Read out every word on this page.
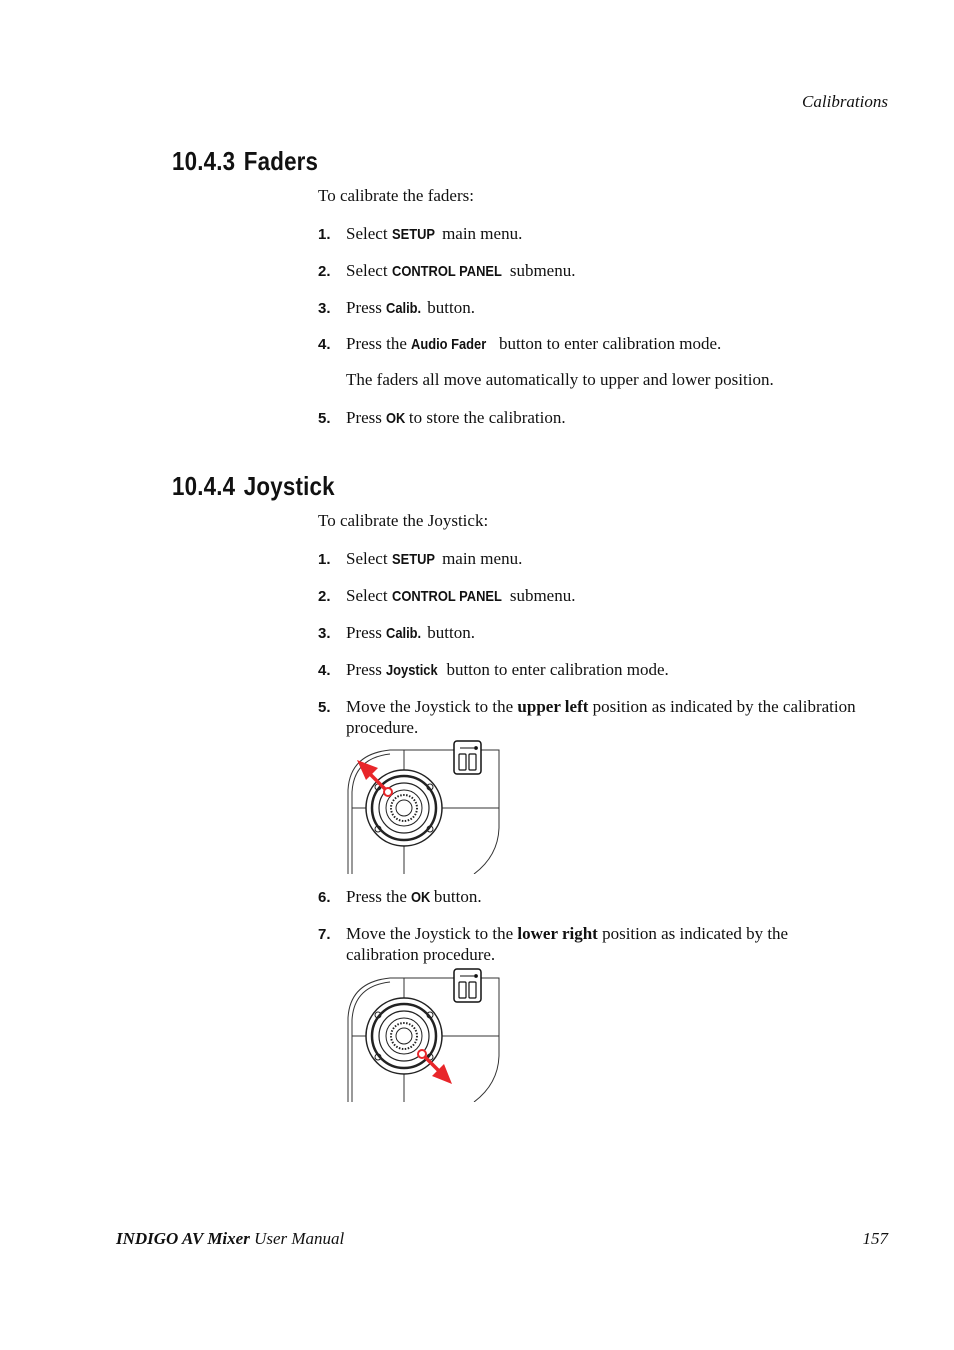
Calibrations
10.4.3 Faders
To calibrate the faders:
1. Select SETUP main menu.
2. Select CONTROL PANEL submenu.
3. Press Calib. button.
4. Press the Audio Fader button to enter calibration mode.
The faders all move automatically to upper and lower position.
5. Press OK to store the calibration.
10.4.4 Joystick
To calibrate the Joystick:
1. Select SETUP main menu.
2. Select CONTROL PANEL submenu.
3. Press Calib. button.
4. Press Joystick button to enter calibration mode.
5. Move the Joystick to the upper left position as indicated by the calibration procedure.
6. Press the OK button.
7. Move the Joystick to the lower right position as indicated by the calibration procedure.
INDIGO AV Mixer User Manual	157
